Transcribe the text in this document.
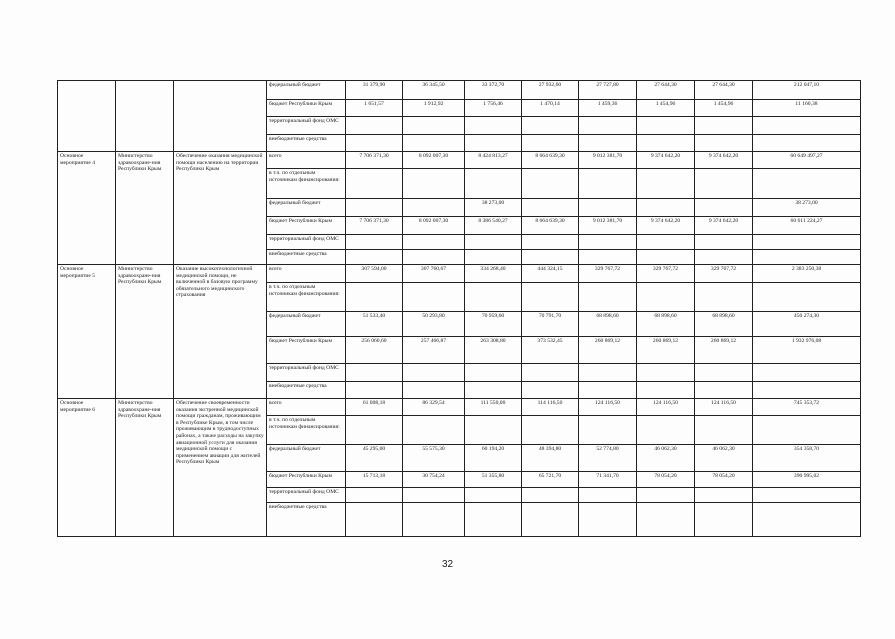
			федеральный бюджет	31 379,90	36 345,50	33 372,70	27 932,60	27 727,80	27 644,30	27 644,30	212 047,10
			бюджет Республики Крым	1 651,57	1 912,92	1 756,46	1 470,14	1 459,36	1 454,96	1 454,96	11 160,38
			территориальный фонд ОМС								
			внебюджетные средства								
Основное мероприятие 4	Министерство здравоохране-ния Республики Крым	Обеспечение оказания медицинской помощи населению на территории Республики Крым	всего	7 706 371,30	8 092 007,30	8 424 813,27	8 664 639,30	9 012 381,70	9 374 642,20	9 374 642,20	60 649 497,27
			в т.ч. по отдельным источникам финансирования:								
			федеральный бюджет			38 273,00					38 273,00
			бюджет Республики Крым	7 706 371,30	8 092 007,30	8 386 540,27	8 664 639,30	9 012 381,70	9 374 642,20	9 374 642,20	60 611 224,27
			территориальный фонд ОМС								
			внебюджетные средства								
Основное мероприятие 5	Министерство здравоохране-ния Республики Крым	Оказание высокотехнологичной медицинской помощи, не включенной в базовую программу обязательного медицинского страхования	всего	307 594,00	307 760,67	334 268,40	444 324,15	329 767,72	329 767,72	329 767,72	2 383 250,38
			в т.ч. по отдельным источникам финансирования:								
			федеральный бюджет	51 533,40	50 293,80	70 959,60	70 791,70	68 898,60	68 898,60	68 898,60	450 274,30
			бюджет Республики Крым	256 060,60	257 466,87	263 308,80	373 532,45	260 869,12	260 869,12	260 869,12	1 932 976,08
			территориальный фонд ОМС								
			внебюджетные средства								
Основное мероприятие 6	Министерство здравоохране-ния Республики Крым	Обеспечение своевременности оказания экстренной медицинской помощи гражданам, проживающим в Республике Крым, в том числе проживающим в труднодоступных районах, а также расходы на закупку авиационной услуги для оказания медицинской помощи с применением авиации для жителей Республики Крым	всего	61 008,18	86 329,54	111 550,00	114 116,50	124 116,50	124 116,50	124 116,50	745 353,72
			в т.ч. по отдельным источникам финансирования:								
			федеральный бюджет	45 295,00	55 575,30	60 194,20	48 394,80	52 774,80	46 062,30	46 062,30	354 358,70
			бюджет Республики Крым	15 713,18	30 754,24	51 355,80	65 721,70	71 341,70	78 054,20	78 054,20	390 995,02
			территориальный фонд ОМС								
			внебюджетные средства								
32
